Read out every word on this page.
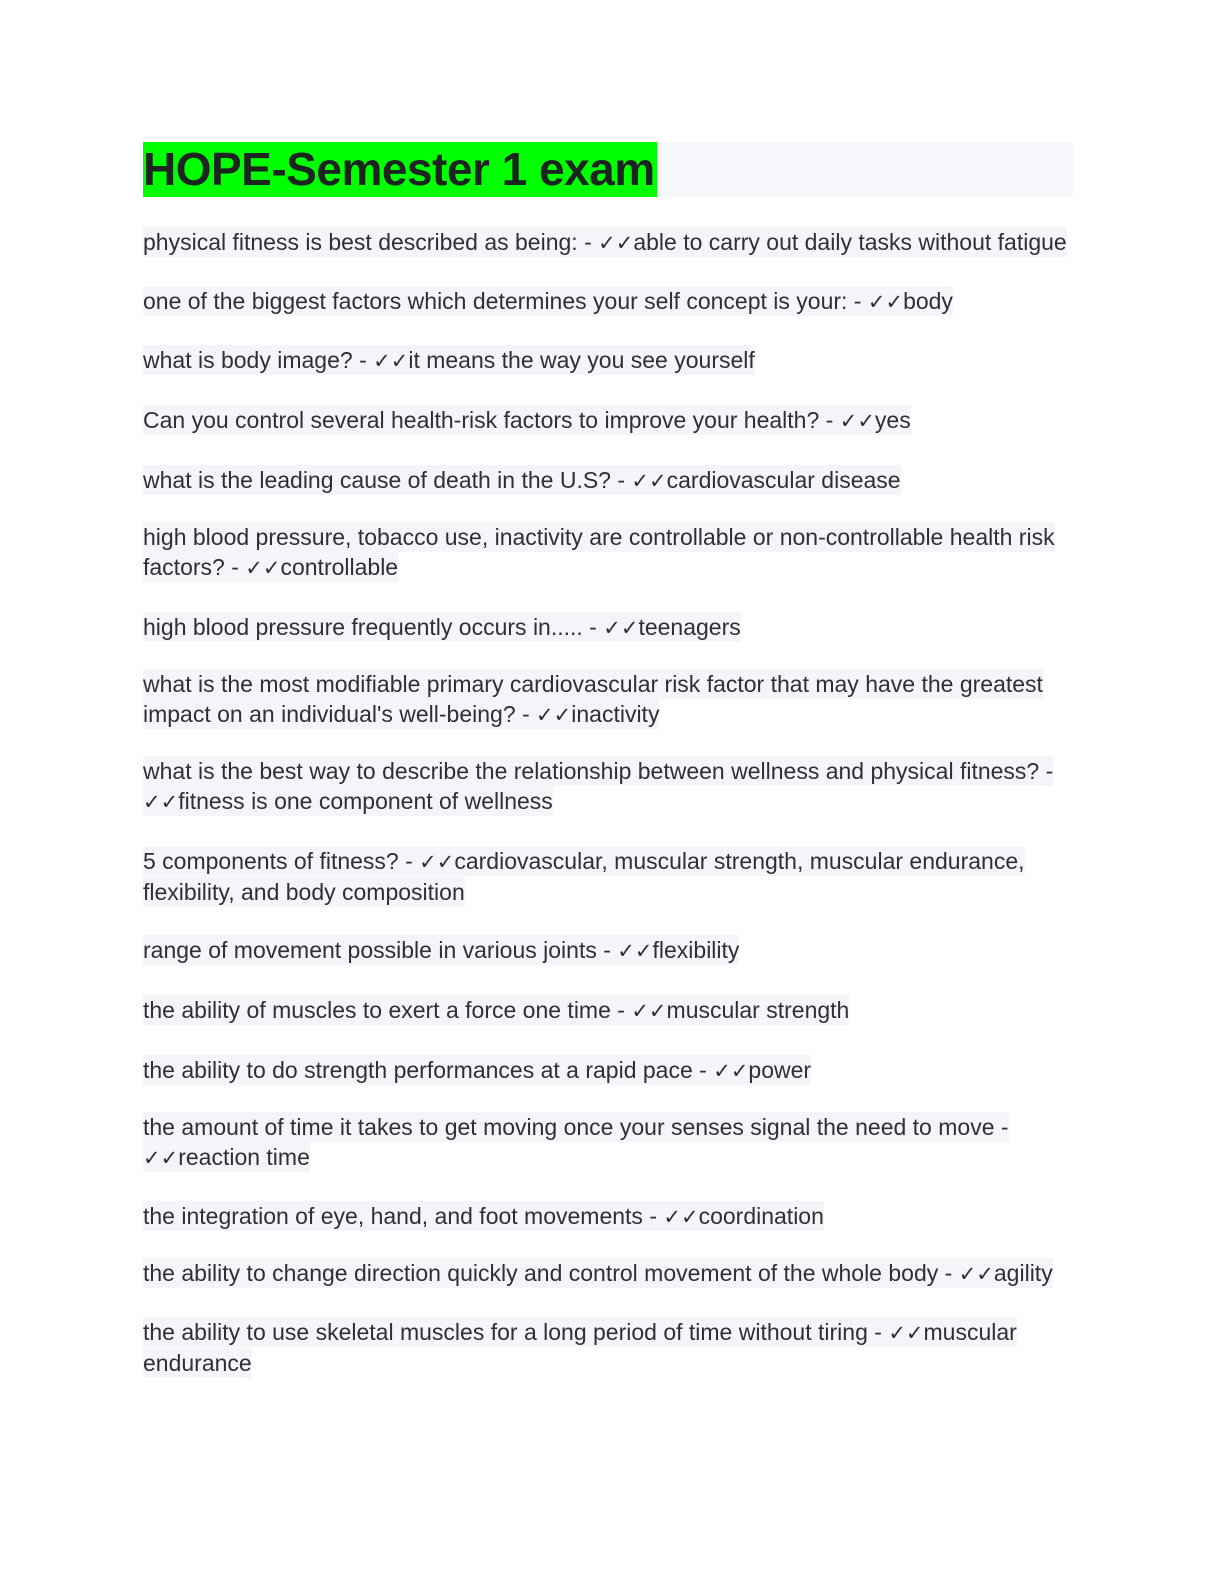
HOPE-Semester 1 exam
physical fitness is best described as being: - ✓✓able to carry out daily tasks without fatigue
one of the biggest factors which determines your self concept is your: - ✓✓body
what is body image? - ✓✓it means the way you see yourself
Can you control several health-risk factors to improve your health? - ✓✓yes
what is the leading cause of death in the U.S? - ✓✓cardiovascular disease
high blood pressure, tobacco use, inactivity are controllable or non-controllable health risk factors? - ✓✓controllable
high blood pressure frequently occurs in..... - ✓✓teenagers
what is the most modifiable primary cardiovascular risk factor that may have the greatest impact on an individual's well-being? - ✓✓inactivity
what is the best way to describe the relationship between wellness and physical fitness? - ✓✓fitness is one component of wellness
5 components of fitness? - ✓✓cardiovascular, muscular strength, muscular endurance, flexibility, and body composition
range of movement possible in various joints - ✓✓flexibility
the ability of muscles to exert a force one time - ✓✓muscular strength
the ability to do strength performances at a rapid pace - ✓✓power
the amount of time it takes to get moving once your senses signal the need to move - ✓✓reaction time
the integration of eye, hand, and foot movements - ✓✓coordination
the ability to change direction quickly and control movement of the whole body - ✓✓agility
the ability to use skeletal muscles for a long period of time without tiring - ✓✓muscular endurance
